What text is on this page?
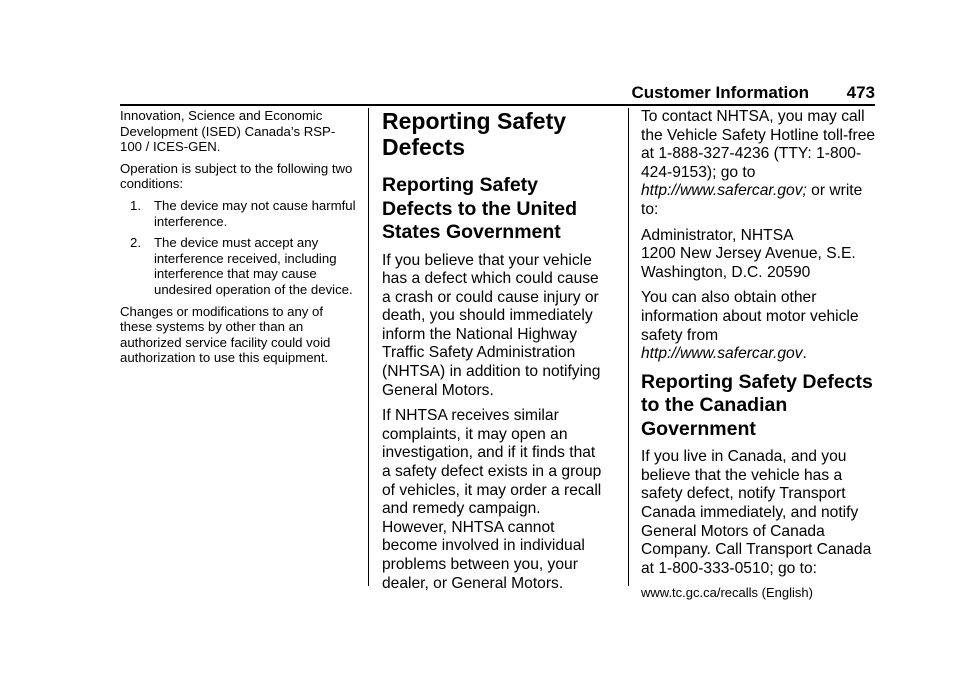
Customer Information 473

Innovation, Science and Economic Development (ISED) Canada’s RSP-100 / ICES-GEN.

Operation is subject to the following two conditions:

1. The device may not cause harmful interference.
2. The device must accept any interference received, including interference that may cause undesired operation of the device.

Changes or modifications to any of these systems by other than an authorized service facility could void authorization to use this equipment.

Reporting Safety Defects
Reporting Safety Defects to the United States Government

If you believe that your vehicle has a defect which could cause a crash or could cause injury or death, you should immediately inform the National Highway Traffic Safety Administration (NHTSA) in addition to notifying General Motors.

If NHTSA receives similar complaints, it may open an investigation, and if it finds that a safety defect exists in a group of vehicles, it may order a recall and remedy campaign. However, NHTSA cannot become involved in individual problems between you, your dealer, or General Motors.

To contact NHTSA, you may call the Vehicle Safety Hotline toll-free at 1-888-327-4236 (TTY: 1-800-424-9153); go to http://www.safercar.gov; or write to:

Administrator, NHTSA
1200 New Jersey Avenue, S.E.
Washington, D.C. 20590

You can also obtain other information about motor vehicle safety from http://www.safercar.gov.

Reporting Safety Defects to the Canadian Government

If you live in Canada, and you believe that the vehicle has a safety defect, notify Transport Canada immediately, and notify General Motors of Canada Company. Call Transport Canada at 1-800-333-0510; go to:

www.tc.gc.ca/recalls (English)
